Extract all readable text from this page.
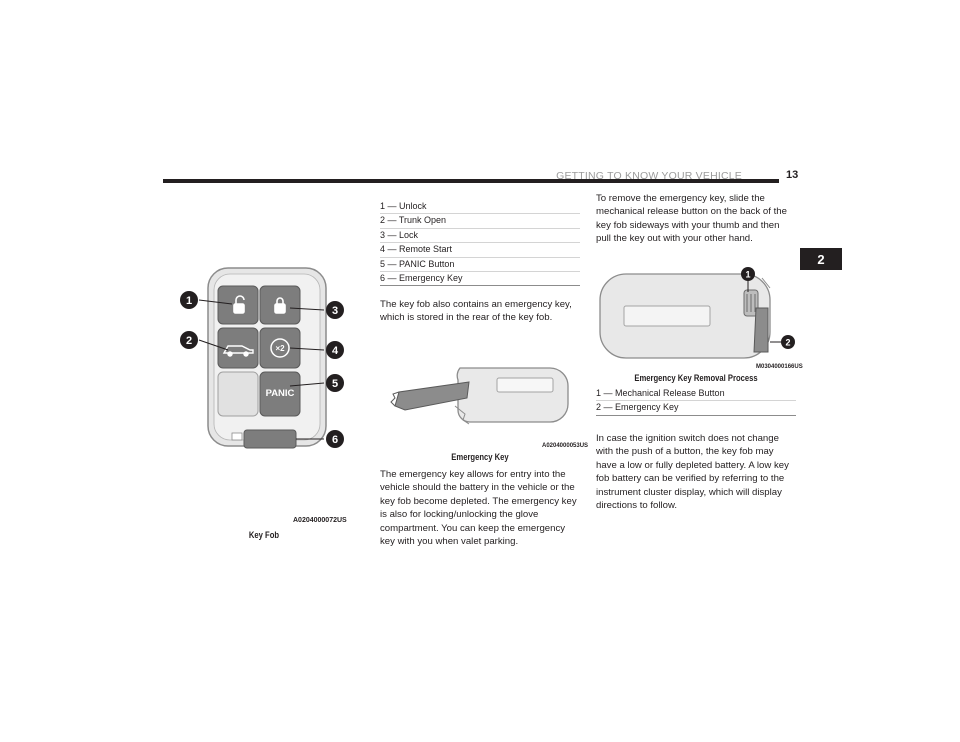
GETTING TO KNOW YOUR VEHICLE	13
2
×2
PANIC
1
2
3
4
5
6
A0204000072US
Key Fob
1 — Unlock
2 — Trunk Open
3 — Lock
4 — Remote Start
5 — PANIC Button
6 — Emergency Key
The key fob also contains an emergency key, which is stored in the rear of the key fob.
A0204000053US
Emergency Key
The emergency key allows for entry into the vehicle should the battery in the vehicle or the key fob become depleted. The emergency key is also for locking/unlocking the glove compartment. You can keep the emergency key with you when valet parking.
To remove the emergency key, slide the mechanical release button on the back of the key fob sideways with your thumb and then pull the key out with your other hand.
1
2
M0304000166US
Emergency Key Removal Process
1 — Mechanical Release Button
2 — Emergency Key
In case the ignition switch does not change with the push of a button, the key fob may have a low or fully depleted battery. A low key fob battery can be verified by referring to the instrument cluster display, which will display directions to follow.
